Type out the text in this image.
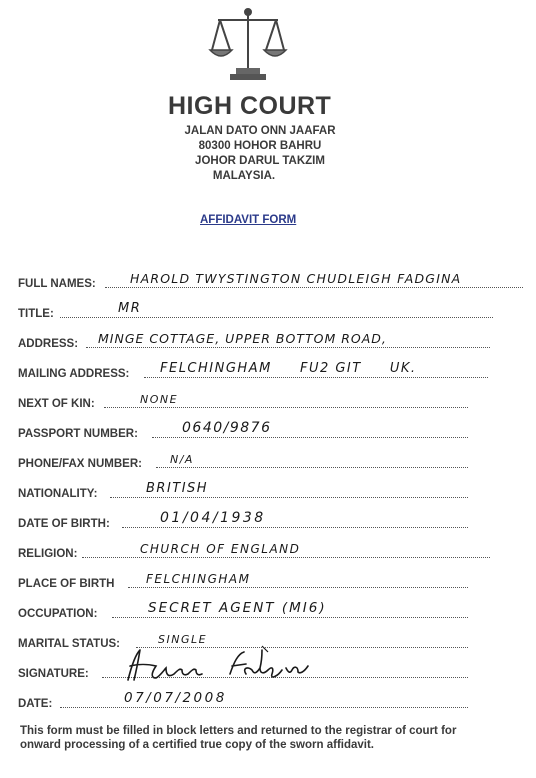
HIGH COURT
JALAN DATO ONN JAAFAR
80300 HOHOR BAHRU
JOHOR DARUL TAKZIM
MALAYSIA.
AFFIDAVIT FORM
FULL NAMES:	HAROLD TWYSTINGTON CHUDLEIGH FADGINA
TITLE:	MR
ADDRESS: MINGE COTTAGE, UPPER BOTTOM ROAD,
MAILING ADDRESS: FELCHINGHAM     FU2 GIT     UK.
NEXT OF KIN:	NONE
PASSPORT NUMBER:	0640/9876
PHONE/FAX NUMBER:	N/A
NATIONALITY:	BRITISH
DATE OF BIRTH:	01/04/1938
RELIGION:	CHURCH OF ENGLAND
PLACE OF BIRTH	FELCHINGHAM
OCCUPATION:	SECRET AGENT (MI6)
MARITAL STATUS:	SINGLE
SIGNATURE:
DATE:	07/07/2008
This form must be filled in block letters and returned to the registrar of court for
onward processing of a certified true copy of the sworn affidavit.
